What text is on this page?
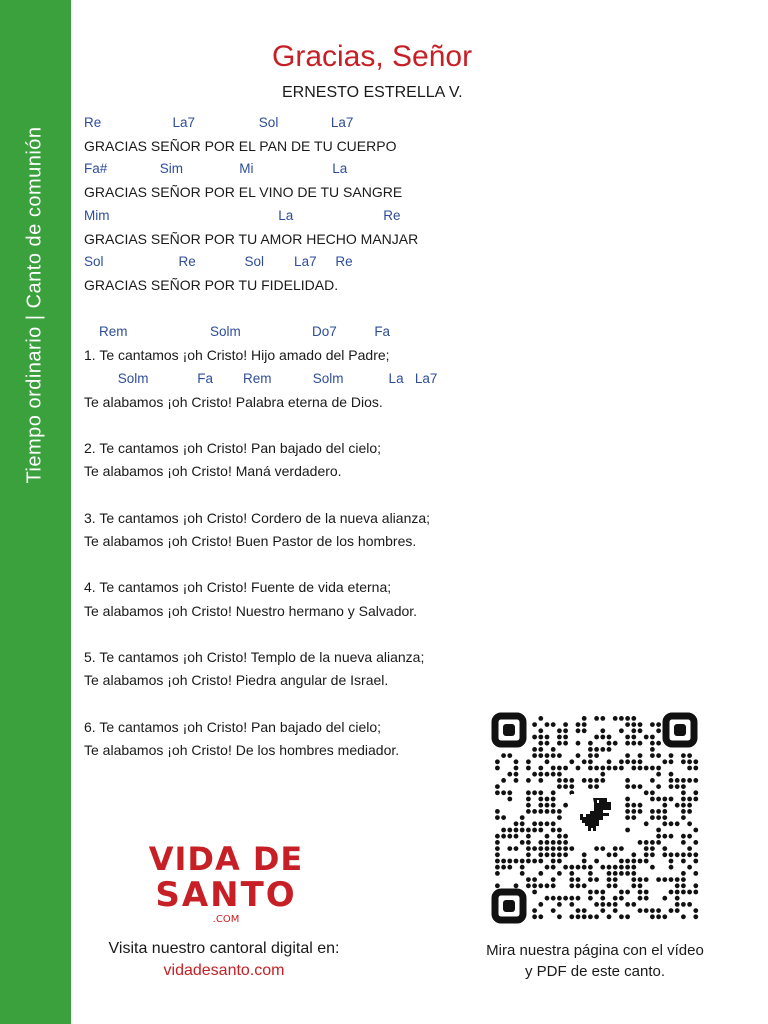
Tiempo ordinario | Canto de comunión
Gracias, Señor
ERNESTO ESTRELLA V.
Re                   La7                 Sol              La7
GRACIAS SEÑOR POR EL PAN DE TU CUERPO
Fa#              Sim               Mi                     La
GRACIAS SEÑOR POR EL VINO DE TU SANGRE
Mim                                             La                        Re
GRACIAS SEÑOR POR TU AMOR HECHO MANJAR
Sol                    Re             Sol        La7     Re
GRACIAS SEÑOR POR TU FIDELIDAD.
Rem                      Solm                   Do7          Fa
1. Te cantamos ¡oh Cristo! Hijo amado del Padre;
Solm             Fa        Rem           Solm            La   La7
Te alabamos ¡oh Cristo! Palabra eterna de Dios.
2. Te cantamos ¡oh Cristo! Pan bajado del cielo;
Te alabamos ¡oh Cristo! Maná verdadero.
3. Te cantamos ¡oh Cristo! Cordero de la nueva alianza;
Te alabamos ¡oh Cristo! Buen Pastor de los hombres.
4. Te cantamos ¡oh Cristo! Fuente de vida eterna;
Te alabamos ¡oh Cristo! Nuestro hermano y Salvador.
5. Te cantamos ¡oh Cristo! Templo de la nueva alianza;
Te alabamos ¡oh Cristo! Piedra angular de Israel.
6. Te cantamos ¡oh Cristo! Pan bajado del cielo;
Te alabamos ¡oh Cristo! De los hombres mediador.
VIDA DE
SANTO
.COM
Visita nuestro cantoral digital en:
vidadesanto.com
Mira nuestra página con el vídeo
y PDF de este canto.
